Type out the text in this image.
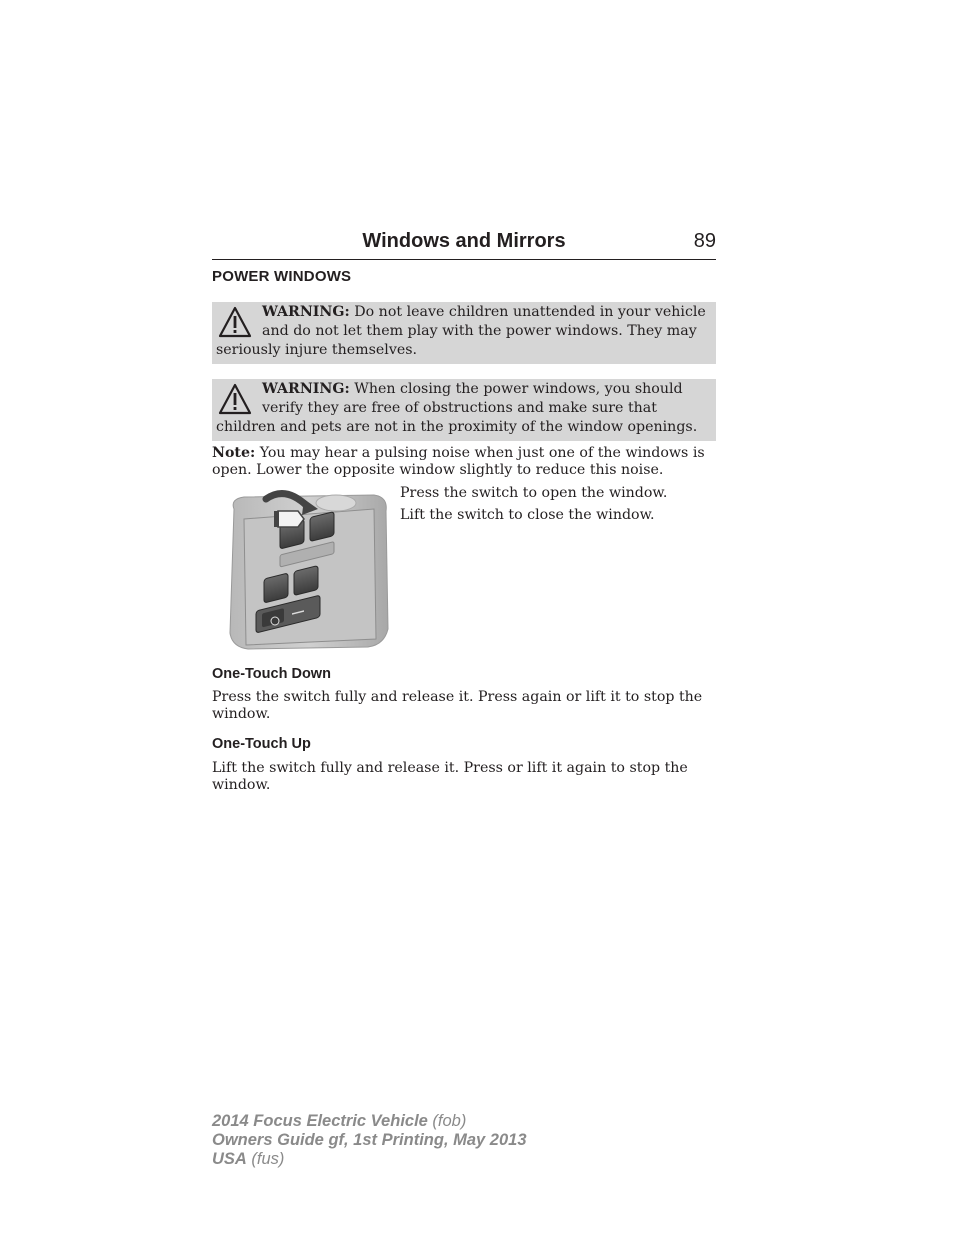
Windows and Mirrors	89
POWER WINDOWS
WARNING: Do not leave children unattended in your vehicle and do not let them play with the power windows. They may seriously injure themselves.
WARNING: When closing the power windows, you should verify they are free of obstructions and make sure that children and pets are not in the proximity of the window openings.
Note: You may hear a pulsing noise when just one of the windows is open. Lower the opposite window slightly to reduce this noise.
Press the switch to open the window.
Lift the switch to close the window.
One-Touch Down
Press the switch fully and release it. Press again or lift it to stop the window.
One-Touch Up
Lift the switch fully and release it. Press or lift it again to stop the window.
2014 Focus Electric Vehicle (fob)
Owners Guide gf, 1st Printing, May 2013
USA (fus)
